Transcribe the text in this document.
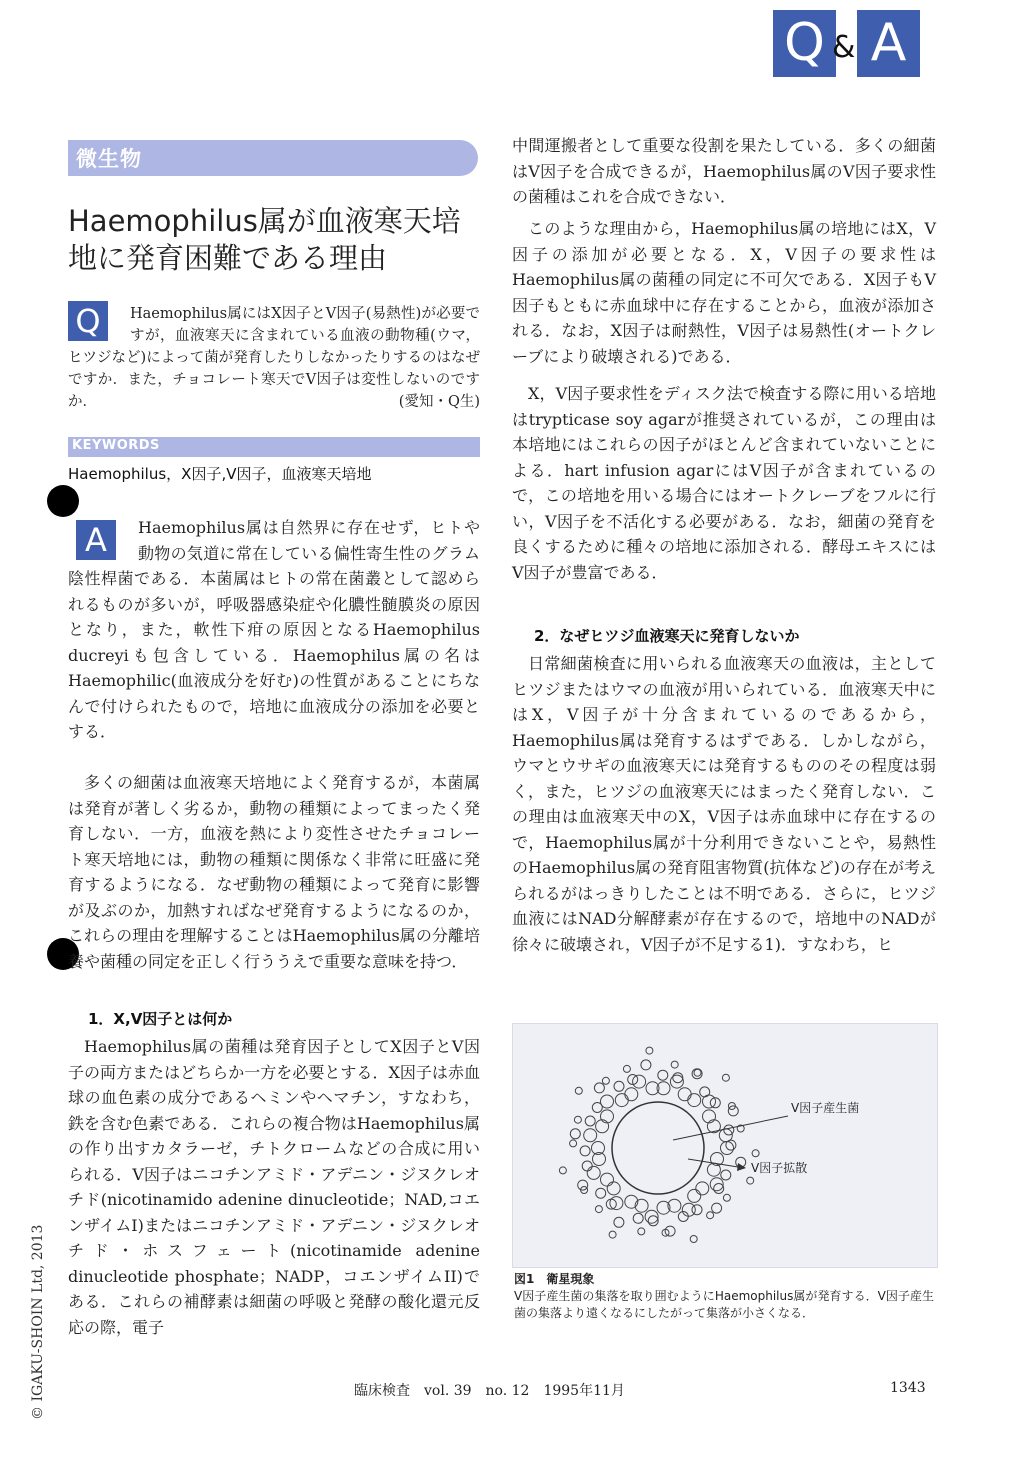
Q & A
微生物
Haemophilus属が血液寒天培地に発育困難である理由
Q	Haemophilus属にはX因子とV因子(易熱性)が必要ですが，血液寒天に含まれている血液の動物種(ウマ，ヒツジなど)によって菌が発育したりしなかったりするのはなぜですか．また，チョコレート寒天でV因子は変性しないのですか．	(愛知・Q生)

KEYWORDS
Haemophilus，X因子,V因子，血液寒天培地
A	Haemophilus属は自然界に存在せず，ヒトや動物の気道に常在している偏性寄生性のグラム陰性桿菌である．本菌属はヒトの常在菌叢として認められるものが多いが，呼吸器感染症や化膿性髄膜炎の原因となり，また，軟性下疳の原因となるHaemophilus ducreyiも包含している．Haemophilus属の名はHaemophilic(血液成分を好む)の性質があることにちなんで付けられたもので，培地に血液成分の添加を必要とする．

多くの細菌は血液寒天培地によく発育するが，本菌属は発育が著しく劣るか，動物の種類によってまったく発育しない．一方，血液を熱により変性させたチョコレート寒天培地には，動物の種類に関係なく非常に旺盛に発育するようになる．なぜ動物の種類によって発育に影響が及ぶのか，加熱すればなぜ発育するようになるのか，これらの理由を理解することはHaemophilus属の分離培養や菌種の同定を正しく行ううえで重要な意味を持つ．

1．X,V因子とは何か

Haemophilus属の菌種は発育因子としてX因子とV因子の両方またはどちらか一方を必要とする．X因子は赤血球の血色素の成分であるヘミンやヘマチン，すなわち，鉄を含む色素である．これらの複合物はHaemophilus属の作り出すカタラーゼ，チトクロームなどの合成に用いられる．V因子はニコチンアミド・アデニン・ジヌクレオチド(nicotinamido adenine dinucleotide；NAD,コエンザイムI)またはニコチンアミド・アデニン・ジヌクレオチド・ホスフェート(nicotinamide adenine dinucleotide phosphate；NADP，コエンザイムII)である．これらの補酵素は細菌の呼吸と発酵の酸化還元反応の際，電子

中間運搬者として重要な役割を果たしている．多くの細菌はV因子を合成できるが，Haemophilus属のV因子要求性の菌種はこれを合成できない．

このような理由から，Haemophilus属の培地にはX，V因子の添加が必要となる．X，V因子の要求性はHaemophilus属の菌種の同定に不可欠である．X因子もV因子もともに赤血球中に存在することから，血液が添加される．なお，X因子は耐熱性，V因子は易熱性(オートクレーブにより破壊される)である．

X，V因子要求性をディスク法で検査する際に用いる培地はtrypticase soy agarが推奨されているが，この理由は本培地にはこれらの因子がほとんど含まれていないことによる．hart infusion agarにはV因子が含まれているので，この培地を用いる場合にはオートクレーブをフルに行い，V因子を不活化する必要がある．なお，細菌の発育を良くするために種々の培地に添加される．酵母エキスにはV因子が豊富である．

2．なぜヒツジ血液寒天に発育しないか

日常細菌検査に用いられる血液寒天の血液は，主としてヒツジまたはウマの血液が用いられている．血液寒天中にはX，V因子が十分含まれているのであるから，Haemophilus属は発育するはずである．しかしながら，ウマとウサギの血液寒天には発育するもののその程度は弱く，また，ヒツジの血液寒天にはまったく発育しない．この理由は血液寒天中のX，V因子は赤血球中に存在するので，Haemophilus属が十分利用できないことや，易熱性のHaemophilus属の発育阻害物質(抗体など)の存在が考えられるがはっきりしたことは不明である．さらに，ヒツジ血液にはNAD分解酵素が存在するので，培地中のNADが徐々に破壊され，V因子が不足する1)．すなわち，ヒ

V因子産生菌
V因子拡散

図1　衛星現象
V因子産生菌の集落を取り囲むようにHaemophilus属が発育する．V因子産生菌の集落より遠くなるにしたがって集落が小さくなる．

臨床検査　vol. 39　no. 12　1995年11月	1343
© IGAKU-SHOIN Ltd, 2013
